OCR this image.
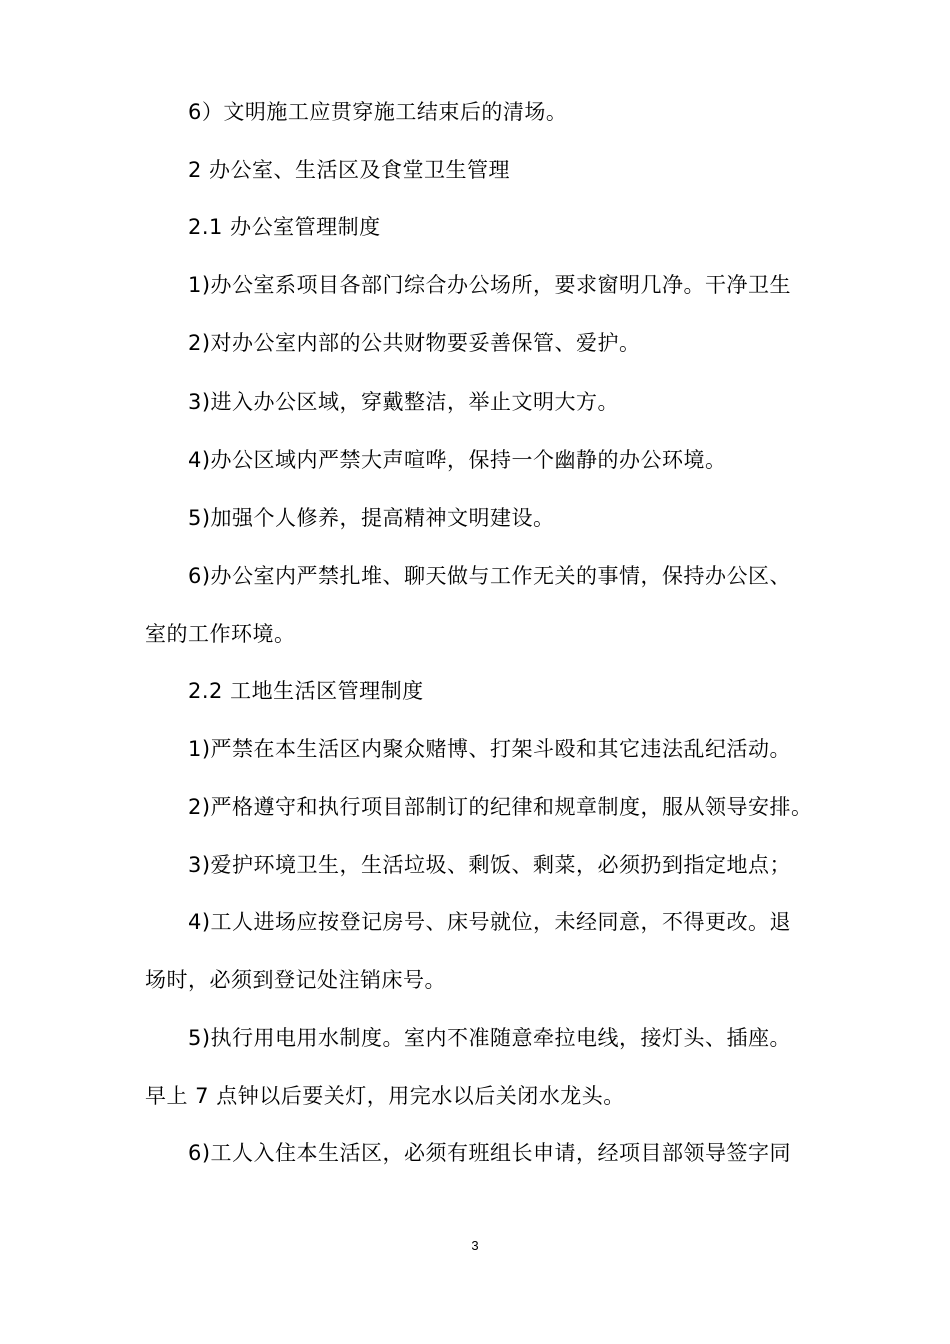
6）文明施工应贯穿施工结束后的清场。
2 办公室、生活区及食堂卫生管理
2.1 办公室管理制度
1)办公室系项目各部门综合办公场所，要求窗明几净。干净卫生
2)对办公室内部的公共财物要妥善保管、爱护。
3)进入办公区域，穿戴整洁，举止文明大方。
4)办公区域内严禁大声喧哗，保持一个幽静的办公环境。
5)加强个人修养，提高精神文明建设。
6)办公室内严禁扎堆、聊天做与工作无关的事情，保持办公区、
室的工作环境。
2.2 工地生活区管理制度
1)严禁在本生活区内聚众赌博、打架斗殴和其它违法乱纪活动。
2)严格遵守和执行项目部制订的纪律和规章制度，服从领导安排。
3)爱护环境卫生，生活垃圾、剩饭、剩菜，必须扔到指定地点；
4)工人进场应按登记房号、床号就位，未经同意，不得更改。退
场时，必须到登记处注销床号。
5)执行用电用水制度。室内不准随意牵拉电线，接灯头、插座。
早上 7 点钟以后要关灯，用完水以后关闭水龙头。
6)工人入住本生活区，必须有班组长申请，经项目部领导签字同
3
